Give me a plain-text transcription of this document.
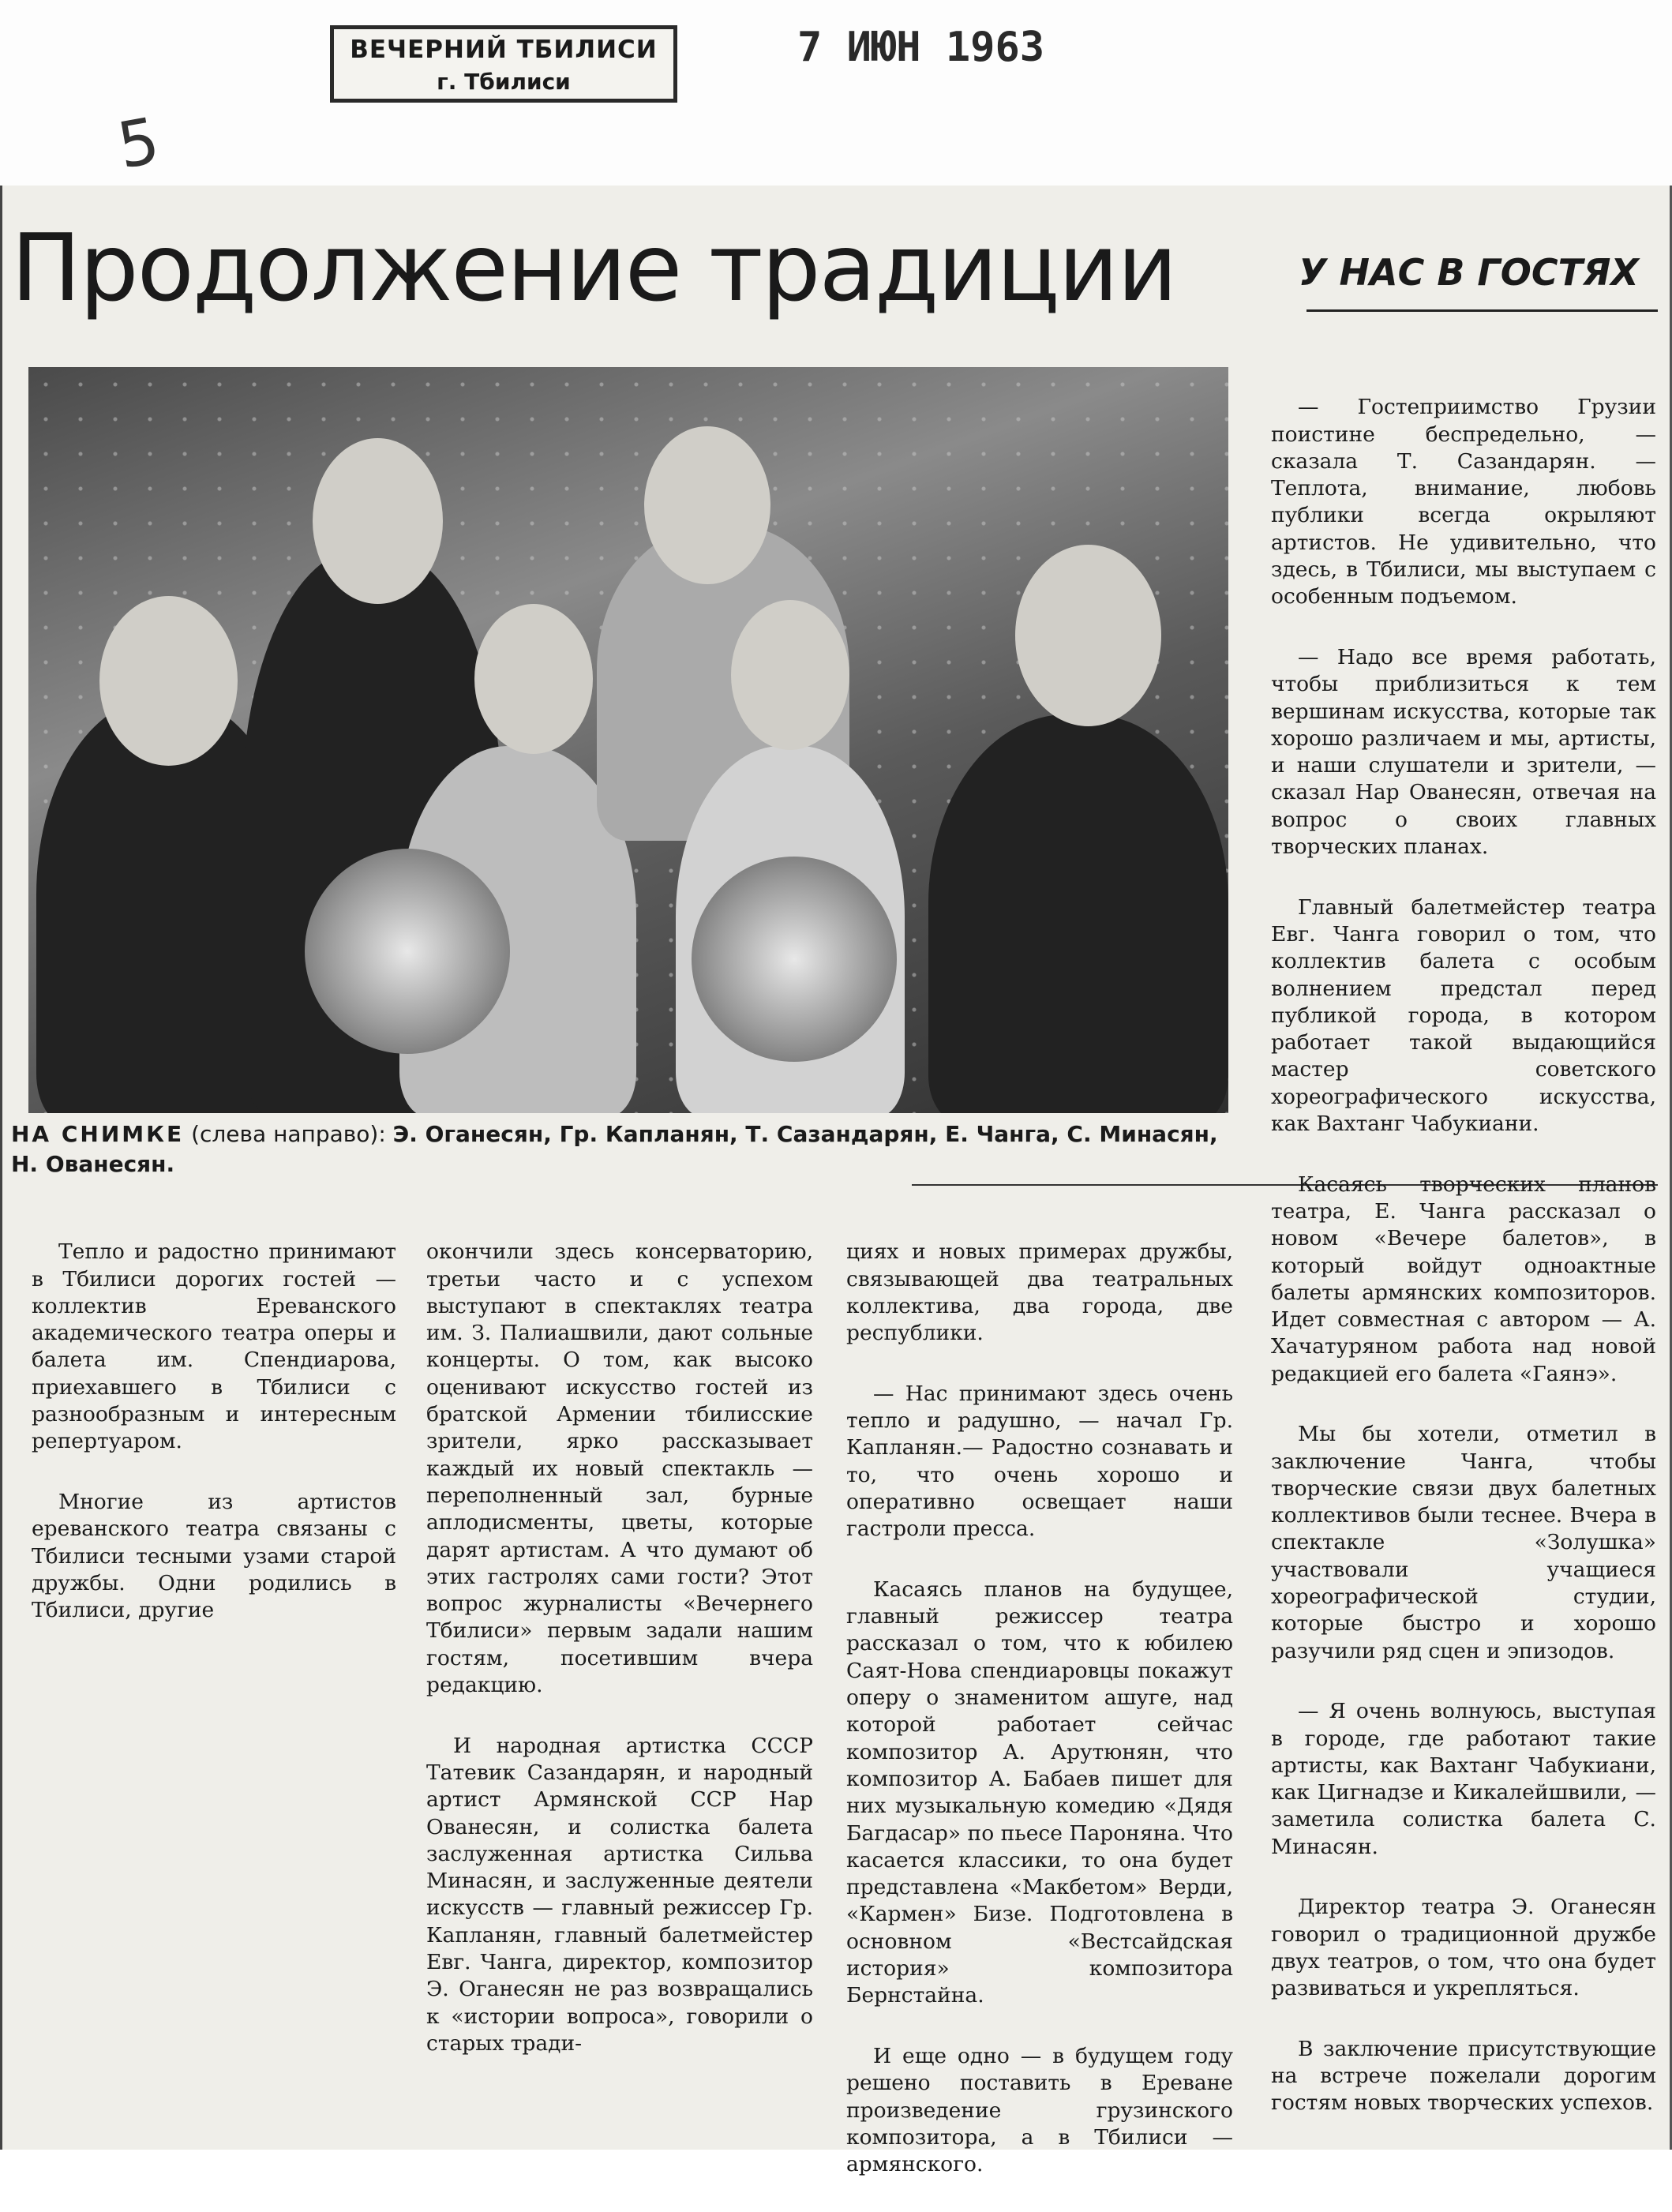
ВЕЧЕРНИЙ ТБИЛИСИ
г. Тбилиси
7 ИЮН 1963
5
Продолжение традиции	У НАС В ГОСТЯХ

НА СНИМКЕ (слева направо): Э. Оганесян, Гр. Капланян, Т. Сазандарян, Е. Чанга, С. Минасян, Н. Ованесян.

Тепло и радостно принимают в Тбилиси дорогих гостей — коллектив Ереванского академического театра оперы и балета им. Спендиарова, приехавшего в Тбилиси с разнообразным и интересным репертуаром.

Многие из артистов ереванского театра связаны с Тбилиси тесными узами старой дружбы. Одни родились в Тбилиси, другие

окончили здесь консерваторию, третьи часто и с успехом выступают в спектаклях театра им. З. Палиашвили, дают сольные концерты. О том, как высоко оценивают искусство гостей из братской Армении тбилисские зрители, ярко рассказывает каждый их новый спектакль — переполненный зал, бурные аплодисменты, цветы, которые дарят артистам. А что думают об этих гастролях сами гости? Этот вопрос журналисты «Вечернего Тбилиси» первым задали нашим гостям, посетившим вчера редакцию.

И народная артистка СССР Татевик Сазандарян, и народный артист Армянской ССР Нар Ованесян, и солистка балета заслуженная артистка Сильва Минасян, и заслуженные деятели искусств — главный режиссер Гр. Капланян, главный балетмейстер Евг. Чанга, директор, композитор Э. Оганесян не раз возвращались к «истории вопроса», говорили о старых тради-

циях и новых примерах дружбы, связывающей два театральных коллектива, два города, две республики.

— Нас принимают здесь очень тепло и радушно, — начал Гр. Капланян.— Радостно сознавать и то, что очень хорошо и оперативно освещает наши гастроли пресса.

Касаясь планов на будущее, главный режиссер театра рассказал о том, что к юбилею Саят-Нова спендиаровцы покажут оперу о знаменитом ашуге, над которой работает сейчас композитор А. Арутюнян, что композитор А. Бабаев пишет для них музыкальную комедию «Дядя Багдасар» по пьесе Пароняна. Что касается классики, то она будет представлена «Макбетом» Верди, «Кармен» Бизе. Подготовлена в основном «Вестсайдская история» композитора Бернстайна.

И еще одно — в будущем году решено поставить в Ереване произведение грузинского композитора, а в Тбилиси — армянского.

— Гостеприимство Грузии поистине беспредельно, — сказала Т. Сазандарян. — Теплота, внимание, любовь публики всегда окрыляют артистов. Не удивительно, что здесь, в Тбилиси, мы выступаем с особенным подъемом.

— Надо все время работать, чтобы приблизиться к тем вершинам искусства, которые так хорошо различаем и мы, артисты, и наши слушатели и зрители, — сказал Нар Ованесян, отвечая на вопрос о своих главных творческих планах.

Главный балетмейстер театра Евг. Чанга говорил о том, что коллектив балета с особым волнением предстал перед публикой города, в котором работает такой выдающийся мастер советского хореографического искусства, как Вахтанг Чабукиани.

Касаясь творческих планов театра, Е. Чанга рассказал о новом «Вечере балетов», в который войдут одноактные балеты армянских композиторов. Идет совместная с автором — А. Хачатуряном работа над новой редакцией его балета «Гаянэ».

Мы бы хотели, отметил в заключение Чанга, чтобы творческие связи двух балетных коллективов были теснее. Вчера в спектакле «Золушка» участвовали учащиеся хореографической студии, которые быстро и хорошо разучили ряд сцен и эпизодов.

— Я очень волнуюсь, выступая в городе, где работают такие артисты, как Вахтанг Чабукиани, как Цигнадзе и Кикалейшвили, — заметила солистка балета С. Минасян.

Директор театра Э. Оганесян говорил о традиционной дружбе двух театров, о том, что она будет развиваться и укрепляться.

В заключение присутствующие на встрече пожелали дорогим гостям новых творческих успехов.
